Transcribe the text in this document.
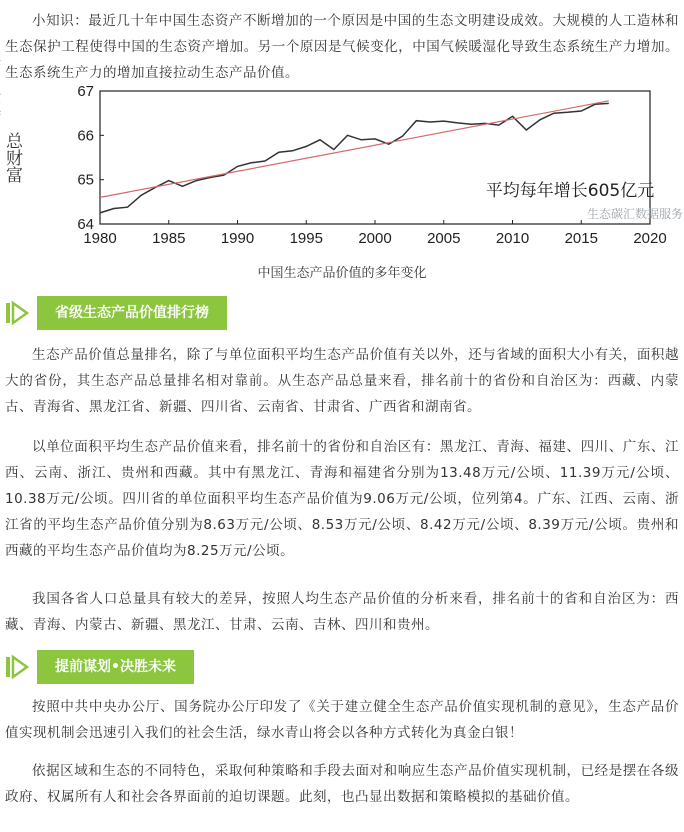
小知识：最近几十年中国生态资产不断增加的一个原因是中国的生态文明建设成效。大规模的人工造林和生态保护工程使得中国的生态资产增加。另一个原因是气候变化，中国气候暖湿化导致生态系统生产力增加。生态系统生产力的增加直接拉动生态产品价值。

1980 1985 1990 1995 2000 2005 2010 2015 2020
64
65
66
67
总财富
平均每年增长605亿元
生态碳汇数据服务
中国生态产品价值的多年变化
省级生态产品价值排行榜

生态产品价值总量排名，除了与单位面积平均生态产品价值有关以外，还与省域的面积大小有关，面积越大的省份，其生态产品总量排名相对靠前。从生态产品总量来看，排名前十的省份和自治区为：西藏、内蒙古、青海省、黑龙江省、新疆、四川省、云南省、甘肃省、广西省和湖南省。

以单位面积平均生态产品价值来看，排名前十的省份和自治区有：黑龙江、青海、福建、四川、广东、江西、云南、浙江、贵州和西藏。其中有黑龙江、青海和福建省分别为13.48万元/公顷、11.39万元/公顷、10.38万元/公顷。四川省的单位面积平均生态产品价值为9.06万元/公顷，位列第4。广东、江西、云南、浙江省的平均生态产品价值分别为8.63万元/公顷、8.53万元/公顷、8.42万元/公顷、8.39万元/公顷。贵州和西藏的平均生态产品价值均为8.25万元/公顷。

我国各省人口总量具有较大的差异，按照人均生态产品价值的分析来看，排名前十的省和自治区为：西藏、青海、内蒙古、新疆、黑龙江、甘肃、云南、吉林、四川和贵州。

提前谋划•决胜未来

按照中共中央办公厅、国务院办公厅印发了《关于建立健全生态产品价值实现机制的意见》，生态产品价值实现机制会迅速引入我们的社会生活，绿水青山将会以各种方式转化为真金白银！

依据区域和生态的不同特色，采取何种策略和手段去面对和响应生态产品价值实现机制，已经是摆在各级政府、权属所有人和社会各界面前的迫切课题。此刻，也凸显出数据和策略模拟的基础价值。
